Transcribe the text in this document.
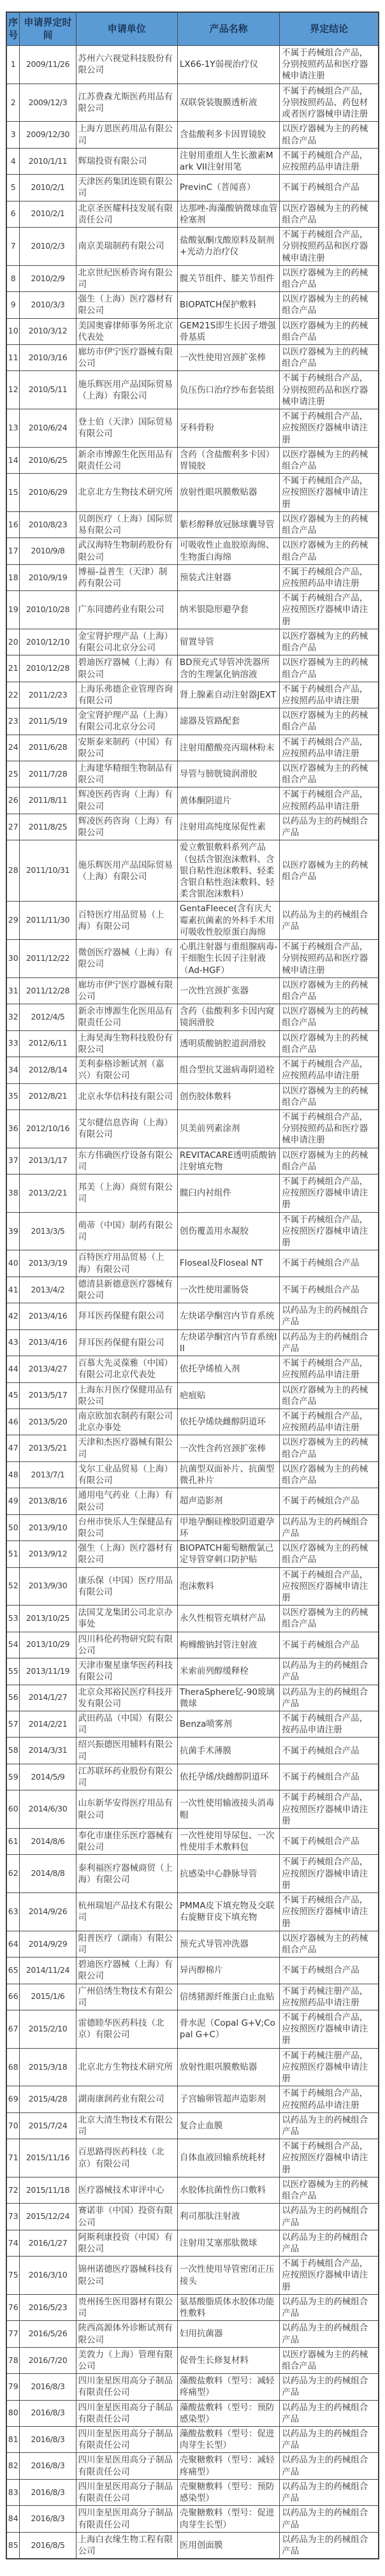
序号	申请界定时间	申请单位	产品名称	界定结论
1	2009/11/26	苏州六六视觉科技股份有限公司	LX66-1Y弱视治疗仪	不属于药械组合产品，分别按照药品和医疗器械申请注册
2	2009/12/3	江苏费森尤斯医药用品有限公司	双联袋装腹膜透析液	不属于药械组合产品，分别按照药品、药包材或者医疗器械申请注册
3	2009/12/30	上海方恩医药用品有限公司	含盐酸利多卡因胃镜胶	以医疗器械为主的药械组合产品
4	2010/1/11	辉瑞投资有限公司	注射用重组人生长激素Mark VII注射用笔	不属于药械组合产品，应按照药品申请注册
5	2010/2/1	天津医药集团连锁有限公司	PrevinC（菩闻喜）	不属于药械组合产品
6	2010/2/1	北京圣医耀科技发展有限责任公司	达那唑-海藻酸钠微球血管栓塞剂	以医疗器械为主的药械组合产品
7	2010/2/3	南京美瑞制药有限公司	盐酸氨酮戊酸原料及制剂 +光动力治疗仪	不属于药械组合产品，分别按照药品和医疗器械申请注册
8	2010/2/9	北京世纪医桥咨询有限公司	髋关节组件、膝关节组件	以医疗器械为主的药械组合产品
9	2010/3/3	强生（上海）医疗器材有限公司	BIOPATCH保护敷料	以医疗器械为主的药械组合产品
10	2010/3/12	美国奥睿律师事务所北京代表处	GEM21S即生长因子增强骨基质	以医疗器械为主的药械组合产品
11	2010/3/16	廊坊市伊宁医疗器械有限公司	一次性使用宫颈扩张棒	以医疗器械为主的药械组合产品
12	2010/5/11	施乐辉医用产品国际贸易（上海）有限公司	负压伤口治疗纱布套装组	不属于药械组合产品，分别按照药品和医疗器械申请注册
13	2010/6/24	登士伯（天津）国际贸易有限公司	牙科骨粉	不属于药械组合产品，应按照医疗器械申请注册
14	2010/6/25	新余市博源生化医用品有限责任公司	含药（含盐酸利多卡因）胃镜胶	以医疗器械为主的药械组合产品
15	2010/6/29	北京北方生物技术研究所	放射性眼巩膜敷贴器	不属于药械组合产品，应按照医疗器械申请注册
16	2010/8/23	贝朗医疗（上海）国际贸易有限公司	紫杉醇释放冠脉球囊导管	以医疗器械为主的药械组合产品
17	2010/9/8	武汉海特生物制药股份有限公司	可吸收性止血胶原海绵、生物蛋白海绵	以医疗器械为主的药械组合产品
18	2010/9/19	博福-益普生（天津）制药有限公司	预装式注射器	不属于药械组合产品，应按照药品申请注册
19	2010/10/28	广东同德药业有限公司	纳米银隐形避孕套	不属于药械组合产品，应按照医疗器械申请注册
20	2010/12/10	金宝肾护理产品（上海）有限公司北京分公司	留置导管	以医疗器械为主的药械组合产品
21	2010/12/28	碧迪医疗器械（上海）有限公司	BD预充式导管冲洗器所含的生理氯化钠溶液	以医疗器械为主的药械组合产品
22	2011/2/23	上海乐弗德企业管理咨询有限公司	肾上腺素自动注射器JEXT	不属于药械组合产品，应按照药品申请注册
23	2011/5/19	金宝肾护理产品（上海）有限公司北京分公司	滤器及管路配套	以医疗器械为主的药械组合产品
24	2011/6/28	安斯泰来制药（中国）有限公司	注射用醋酸亮丙瑞林粉末	不属于药械组合产品，应按照药品申请注册
25	2011/7/28	上海建华精细生物制品有限公司	导管与膀胱镜润滑胶	以医疗器械为主的药械组合产品
26	2011/8/11	辉凌医药咨询（上海）有限公司	黄体酮阴道片	不属于药械组合产品，应按照药品申请注册
27	2011/8/25	辉凌医药咨询（上海）有限公司	注射用高纯度尿促性素	以药品为主的药械组合产品
28	2011/10/31	施乐辉医用产品国际贸易（上海）有限公司	爱立敷银敷料系列产品（包括含银泡沫敷料、含银自粘性泡沫敷料、轻柔含银自粘性泡沫敷料、轻柔含银泡沫敷料）	以医疗器械为主的药械组合产品
29	2011/11/30	百特医疗用品贸易（上海）有限公司	GentaFleece(含有庆大霉素抗菌素的外科手术用可吸收性胶原蛋白海绵	以药品为主的药械组合产品
30	2011/12/22	微创医疗器械（上海）有限公司	心肌注射器与重组腺病毒-干细胞生长因子注射液（Ad-HGF）	不属于药械组合产品，分别按照药品和医疗器械申请注册
31	2011/12/28	廊坊市伊宁医疗器械有限公司	一次性宫颈扩张器	以医疗器械为主的药械组合产品
32	2012/4/5	新余市博源生化医用品有限责任公司	含药（盐酸利多卡因内窥镜润滑胶	以医疗器械为主的药械组合产品
33	2012/6/11	上海昊海生物科技股份有限公司	透明质酸钠腔道润滑胶	以医疗器械为主的药械组合产品
34	2012/8/14	美利泰格诊断试剂（嘉兴）有限公司	组合型抗艾滋病毒阴道栓	不属于药械组合产品，应按照药品申请注册
35	2012/8/21	北京永华信科技有限公司	创伤胶体敷料	以医疗器械为主的药械组合产品
36	2012/10/16	艾尔健信息咨询（上海）有限公司	贝美前列素涂剂	不属于药械组合产品，分别按照药品和医疗器械申请注册
37	2013/1/17	东方伟确医疗设备有限公司	REVITACARE透明质酸钠注射填充物	以医疗器械为主的药械组合产品
38	2013/2/21	邦美（上海）商贸有限公司	髋臼内衬组件	不属于药械组合产品，应按照医疗器械申请注册
39	2013/3/5	萌蒂（中国）制药有限公司	创伤覆盖用水凝胶	不属于药械组合产品，应按照医疗器械申请注册
40	2013/3/19	百特医疗用品贸易（上海）有限公司	Floseal及Floseal NT	不属于药械组合产品
41	2013/4/2	德清县新德意医疗器械有限公司	一次性使用灌肠袋	不属于药械组合产品
42	2013/4/16	拜耳医药保健有限公司	左炔诺孕酮宫内节育系统	以药品为主的药械组合产品
43	2013/4/16	拜耳医药保健有限公司	左炔诺孕酮宫内节育系统III	以药品为主的药械组合产品
44	2013/4/27	百慕大先灵葆雅（中国）有限公司北京代表处	依托孕烯植入剂	不属于药械组合产品，应按照药品申请注册
45	2013/5/17	上海东月医疗保健用品有限公司	疤痕贴	以医疗器械为主的药械组合产品
46	2013/5/20	南京欧加农制药有限公司北京办事处	依托孕烯炔雌醇阴道环	不属于药械组合产品，应按照药品申请注册
47	2013/5/21	天津和杰医疗器械有限公司	一次性含药宫颈扩张棒	以医疗器械为主的药械组合产品
48	2013/7/1	戈尔工业品贸易（上海）有限公司	抗菌型双面补片、抗菌型微孔补片	以医疗器械为主的药械组合产品
49	2013/8/16	通用电气药业（上海）有限公司	超声造影剂	不属于药械组合产品
50	2013/9/10	台州市快乐人生保健品有限公司	甲地孕酮硅橡胶阴道避孕环	以药品为主的药械组合产品
51	2013/9/12	强生（上海）医疗器材有限公司	BIOPATCH葡萄糖酸氯己定导管穿刺口防护贴	以医疗器械为主的药械组合产品
52	2013/9/30	康乐保（中国）医疗用品有限公司	泡沫敷料	不属于药械组合产品，应按照医疗器械申请注册
53	2013/10/25	法国艾龙集团公司北京办事处	永久性根管充填材产品	以医疗器械为主的药械组合产品
54	2013/10/29	四川科伦药物研究院有限公司	枸橼酸钠封管注射液	不属于药械组合产品
55	2013/11/19	天津市聚星康华医药科技有限公司	米索前列醇缓释栓	以药品为主的药械组合产品
56	2014/1/27	北京众邦裕民医疗科技开发有限公司	TheraSphere钇-90玻璃微球	以药品为主的药械组合产品
57	2014/2/21	武田药品（中国）有限公司	Benza喷雾剂	不属于药械组合产品，按药品申请注册
58	2014/3/31	绍兴振德医用辅料有限公司	抗菌手术薄膜	不属于药械组合产品
59	2014/5/9	江苏联环药业股份有限公司	依托孕烯/炔雌醇阴道环	不属于药械组合产品
60	2014/6/30	山东新华安得医疗用品有限公司	一次性使用输液接头消毒帽	不属于药械组合产品，应按照医疗器械申请注册
61	2014/8/6	奉化市康佳乐医疗器械有限公司	一次性使用导尿包、一次性使用手术敷料包	不属于药械组合产品
62	2014/8/8	泰利福医疗器械商贸（上海）有限公司	抗感染中心静脉导管	不属于药械组合产品，应按照医疗器械申请注册
63	2014/9/26	杭州瑞旭产品技术有限公司	PMMA皮下填充物及交联右旋糖苷皮下填充物	不属于药械组合产品，应按照医疗器械申请注册
64	2014/9/29	阳普医疗（湖南）有限公司	预充式导管冲洗器	以医疗器械为主的药械组合产品
65	2014/11/24	碧迪医疗器械（上海）有限公司	异丙醇棉片	不属于药械组合产品
66	2015/1/6	广州倍绣生物技术有限公司	倍绣猪源纤维蛋白止血贴	不属于药械注册产品，应按照药品申请注册
67	2015/2/10	雷德睦华医药科技（北京）有限公司	骨水泥（Copal G+V;Copal G+C）	不属于药械组合产品，应按照医疗器械申请注册
68	2015/3/18	北京北方生物技术研究所	放射性眼巩膜敷贴器	不属于药械注册产品，应按照医疗器械申请注册
69	2015/4/28	湖南康润药业有限公司	子宫输卵管超声造影剂	不属于药械组合产品，应按照药品申请注册
70	2015/7/24	北京大清生物技术有限公司	复合止血膜	以药品为主的药械组合产品
71	2015/11/16	百思路得医药科技（北京）有限公司	自体血液回输系统耗材	不属于药械组合产品，应按照医疗器械申请注册
72	2015/11/18	医疗器械技术审评中心	水胶体抗菌性伤口敷料	以医疗器械为主的药械组合产品
73	2015/12/24	赛诺菲（中国）投资有限公司	利司那肽注射液	以药品为主的药械组合产品
74	2016/1/27	阿斯利康投资（中国）有限公司	注射用艾塞那肽微球	以药品为主的药械组合产品
75	2016/3/10	锦州诺德医疗器械科技有限公司	一次性使用导管密闭正压接头	不属于药械组合产品，应按照医疗器械申请注册
76	2016/5/23	贵州扬生医用器材有限公司	氨基酸脂质体水胶体功能性敷料	以药品为主的药械组合产品
77	2016/5/26	陕西高源体外诊断试剂有限公司	妇用抗菌器	以药品为主的药械组合产品
78	2016/7/20	美敦力（上海）管理有限公司	促骨生长修复材料	以医疗器械为主的药械组合产品
79	2016/8/3	四川奎星医用高分子制品有限责任公司	藻酸盐敷料（型号：减轻疼痛型）	以药品为主的药械组合产品
80	2016/8/3	四川奎星医用高分子制品有限责任公司	藻酸盐敷料（型号：预防感染型）	以药品为主的药械组合产品
81	2016/8/3	四川奎星医用高分子制品有限责任公司	藻酸盐敷料（型号：促进肉芽生长型）	以药品为主的药械组合产品
82	2016/8/3	四川奎星医用高分子制品有限责任公司	壳聚糖敷料（型号：减轻疼痛型）	以药品为主的药械组合产品
83	2016/8/3	四川奎星医用高分子制品有限责任公司	壳聚糖敷料（型号：预防感染型）	以药品为主的药械组合产品
84	2016/8/3	四川奎星医用高分子制品有限责任公司	壳聚糖敷料（型号：促进肉芽生长型）	以药品为主的药械组合产品
85	2016/8/5	上海白衣缘生物工程有限公司	医用创面膜	以药品为主的药械组合产品
